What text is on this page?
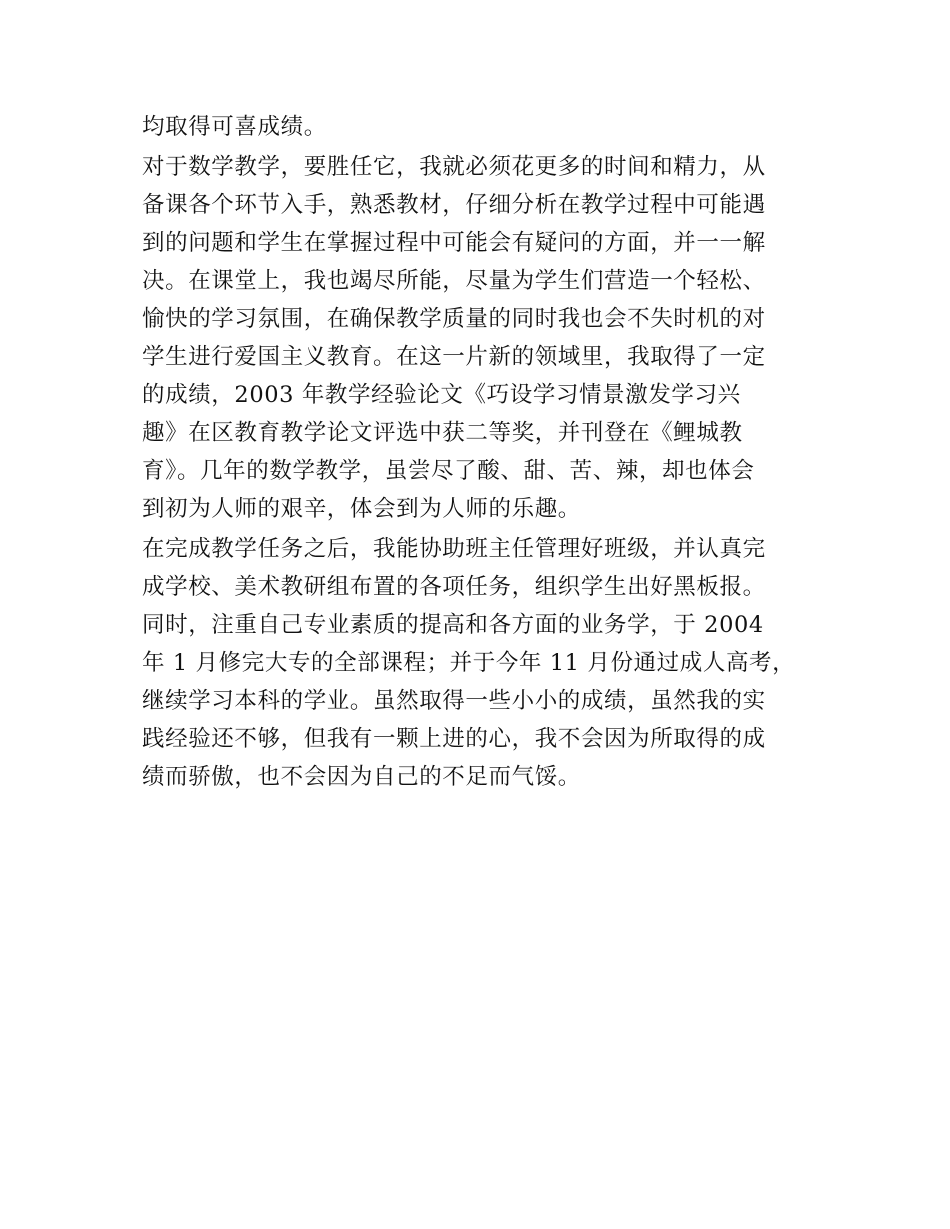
均取得可喜成绩。
对于数学教学，要胜任它，我就必须花更多的时间和精力，从
备课各个环节入手，熟悉教材，仔细分析在教学过程中可能遇
到的问题和学生在掌握过程中可能会有疑问的方面，并一一解
决。在课堂上，我也竭尽所能，尽量为学生们营造一个轻松、
愉快的学习氛围，在确保教学质量的同时我也会不失时机的对
学生进行爱国主义教育。在这一片新的领域里，我取得了一定
的成绩，2003 年教学经验论文《巧设学习情景激发学习兴
趣》在区教育教学论文评选中获二等奖，并刊登在《鲤城教
育》。几年的数学教学，虽尝尽了酸、甜、苦、辣，却也体会
到初为人师的艰辛，体会到为人师的乐趣。
在完成教学任务之后，我能协助班主任管理好班级，并认真完
成学校、美术教研组布置的各项任务，组织学生出好黑板报。
同时，注重自己专业素质的提高和各方面的业务学，于 2004
年 1 月修完大专的全部课程；并于今年 11 月份通过成人高考，
继续学习本科的学业。虽然取得一些小小的成绩，虽然我的实
践经验还不够，但我有一颗上进的心，我不会因为所取得的成
绩而骄傲，也不会因为自己的不足而气馁。
